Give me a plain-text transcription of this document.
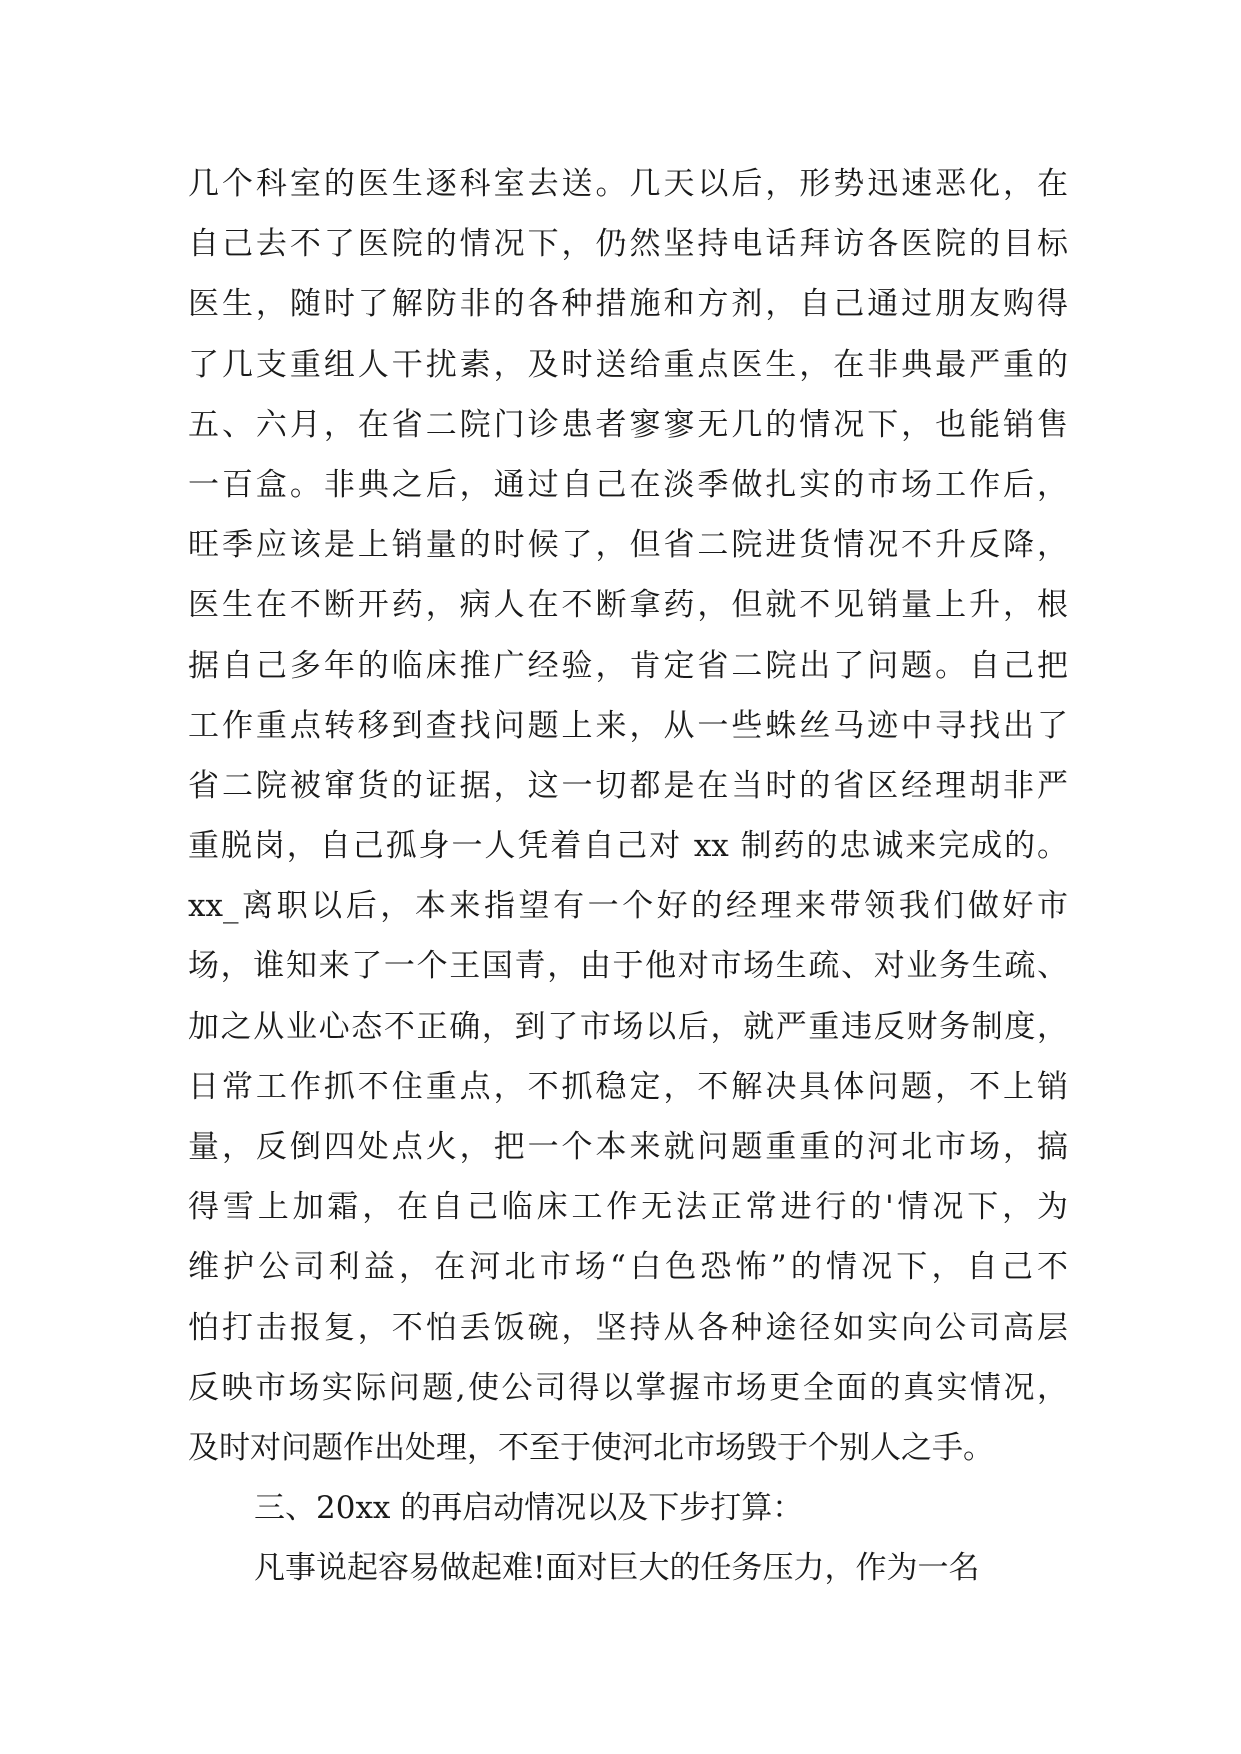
几个科室的医生逐科室去送。几天以后，形势迅速恶化，在
自己去不了医院的情况下，仍然坚持电话拜访各医院的目标
医生，随时了解防非的各种措施和方剂，自己通过朋友购得
了几支重组人干扰素，及时送给重点医生，在非典最严重的
五、六月，在省二院门诊患者寥寥无几的情况下，也能销售
一百盒。非典之后，通过自己在淡季做扎实的市场工作后，
旺季应该是上销量的时候了，但省二院进货情况不升反降，
医生在不断开药，病人在不断拿药，但就不见销量上升，根
据自己多年的临床推广经验，肯定省二院出了问题。自己把
工作重点转移到查找问题上来，从一些蛛丝马迹中寻找出了
省二院被窜货的证据，这一切都是在当时的省区经理胡非严
重脱岗，自己孤身一人凭着自己对 xx 制药的忠诚来完成的。
xx_离职以后，本来指望有一个好的经理来带领我们做好市
场，谁知来了一个王国青，由于他对市场生疏、对业务生疏、
加之从业心态不正确，到了市场以后，就严重违反财务制度，
日常工作抓不住重点，不抓稳定，不解决具体问题，不上销
量，反倒四处点火，把一个本来就问题重重的河北市场，搞
得雪上加霜，在自己临床工作无法正常进行的'情况下，为
维护公司利益，在河北市场“白色恐怖”的情况下，自己不
怕打击报复，不怕丢饭碗，坚持从各种途径如实向公司高层
反映市场实际问题,使公司得以掌握市场更全面的真实情况，
及时对问题作出处理，不至于使河北市场毁于个别人之手。
三、20xx 的再启动情况以及下步打算：
凡事说起容易做起难!面对巨大的任务压力，作为一名
